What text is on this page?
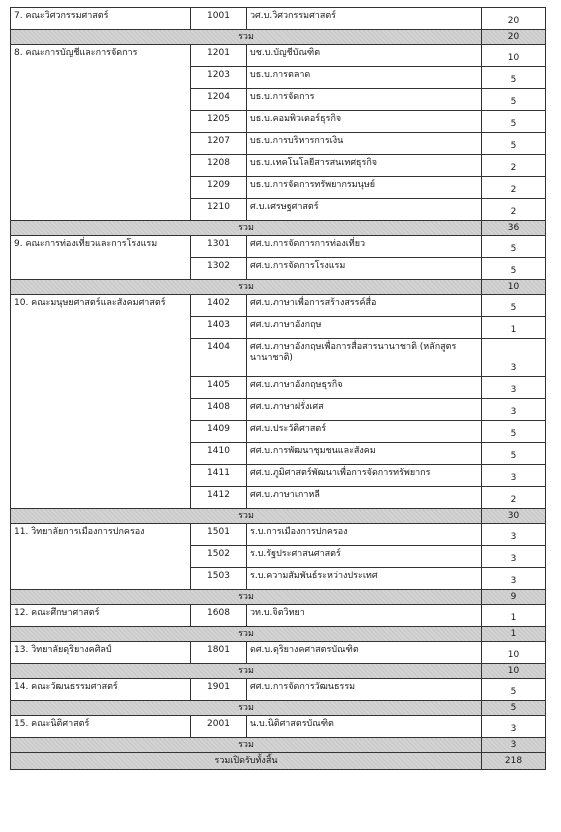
7. คณะวิศวกรรมศาสตร์	1001	วศ.บ.วิศวกรรมศาสตร์	20
รวม			20
8. คณะการบัญชีและการจัดการ	1201	บช.บ.บัญชีบัณฑิต	10
	1203	บธ.บ.การตลาด	5
	1204	บธ.บ.การจัดการ	5
	1205	บธ.บ.คอมพิวเตอร์ธุรกิจ	5
	1207	บธ.บ.การบริหารการเงิน	5
	1208	บธ.บ.เทคโนโลยีสารสนเทศธุรกิจ	2
	1209	บธ.บ.การจัดการทรัพยากรมนุษย์	2
	1210	ศ.บ.เศรษฐศาสตร์	2
รวม			36
9. คณะการท่องเที่ยวและการโรงแรม	1301	ศศ.บ.การจัดการการท่องเที่ยว	5
	1302	ศศ.บ.การจัดการโรงแรม	5
รวม			10
10. คณะมนุษยศาสตร์และสังคมศาสตร์	1402	ศศ.บ.ภาษาเพื่อการสร้างสรรค์สื่อ	5
	1403	ศศ.บ.ภาษาอังกฤษ	1
	1404	ศศ.บ.ภาษาอังกฤษเพื่อการสื่อสารนานาชาติ (หลักสูตรนานาชาติ)	3
	1405	ศศ.บ.ภาษาอังกฤษธุรกิจ	3
	1408	ศศ.บ.ภาษาฝรั่งเศส	3
	1409	ศศ.บ.ประวัติศาสตร์	5
	1410	ศศ.บ.การพัฒนาชุมชนและสังคม	5
	1411	ศศ.บ.ภูมิศาสตร์พัฒนาเพื่อการจัดการทรัพยากร	3
	1412	ศศ.บ.ภาษาเกาหลี	2
รวม			30
11. วิทยาลัยการเมืองการปกครอง	1501	ร.บ.การเมืองการปกครอง	3
	1502	ร.บ.รัฐประศาสนศาสตร์	3
	1503	ร.บ.ความสัมพันธ์ระหว่างประเทศ	3
รวม			9
12. คณะศึกษาศาสตร์	1608	วท.บ.จิตวิทยา	1
รวม			1
13. วิทยาลัยดุริยางคศิลป์	1801	ดศ.บ.ดุริยางคศาสตรบัณฑิต	10
รวม			10
14. คณะวัฒนธรรมศาสตร์	1901	ศศ.บ.การจัดการวัฒนธรรม	5
รวม			5
15. คณะนิติศาสตร์	2001	น.บ.นิติศาสตรบัณฑิต	3
รวม			3
รวมเปิดรับทั้งสิ้น			218
